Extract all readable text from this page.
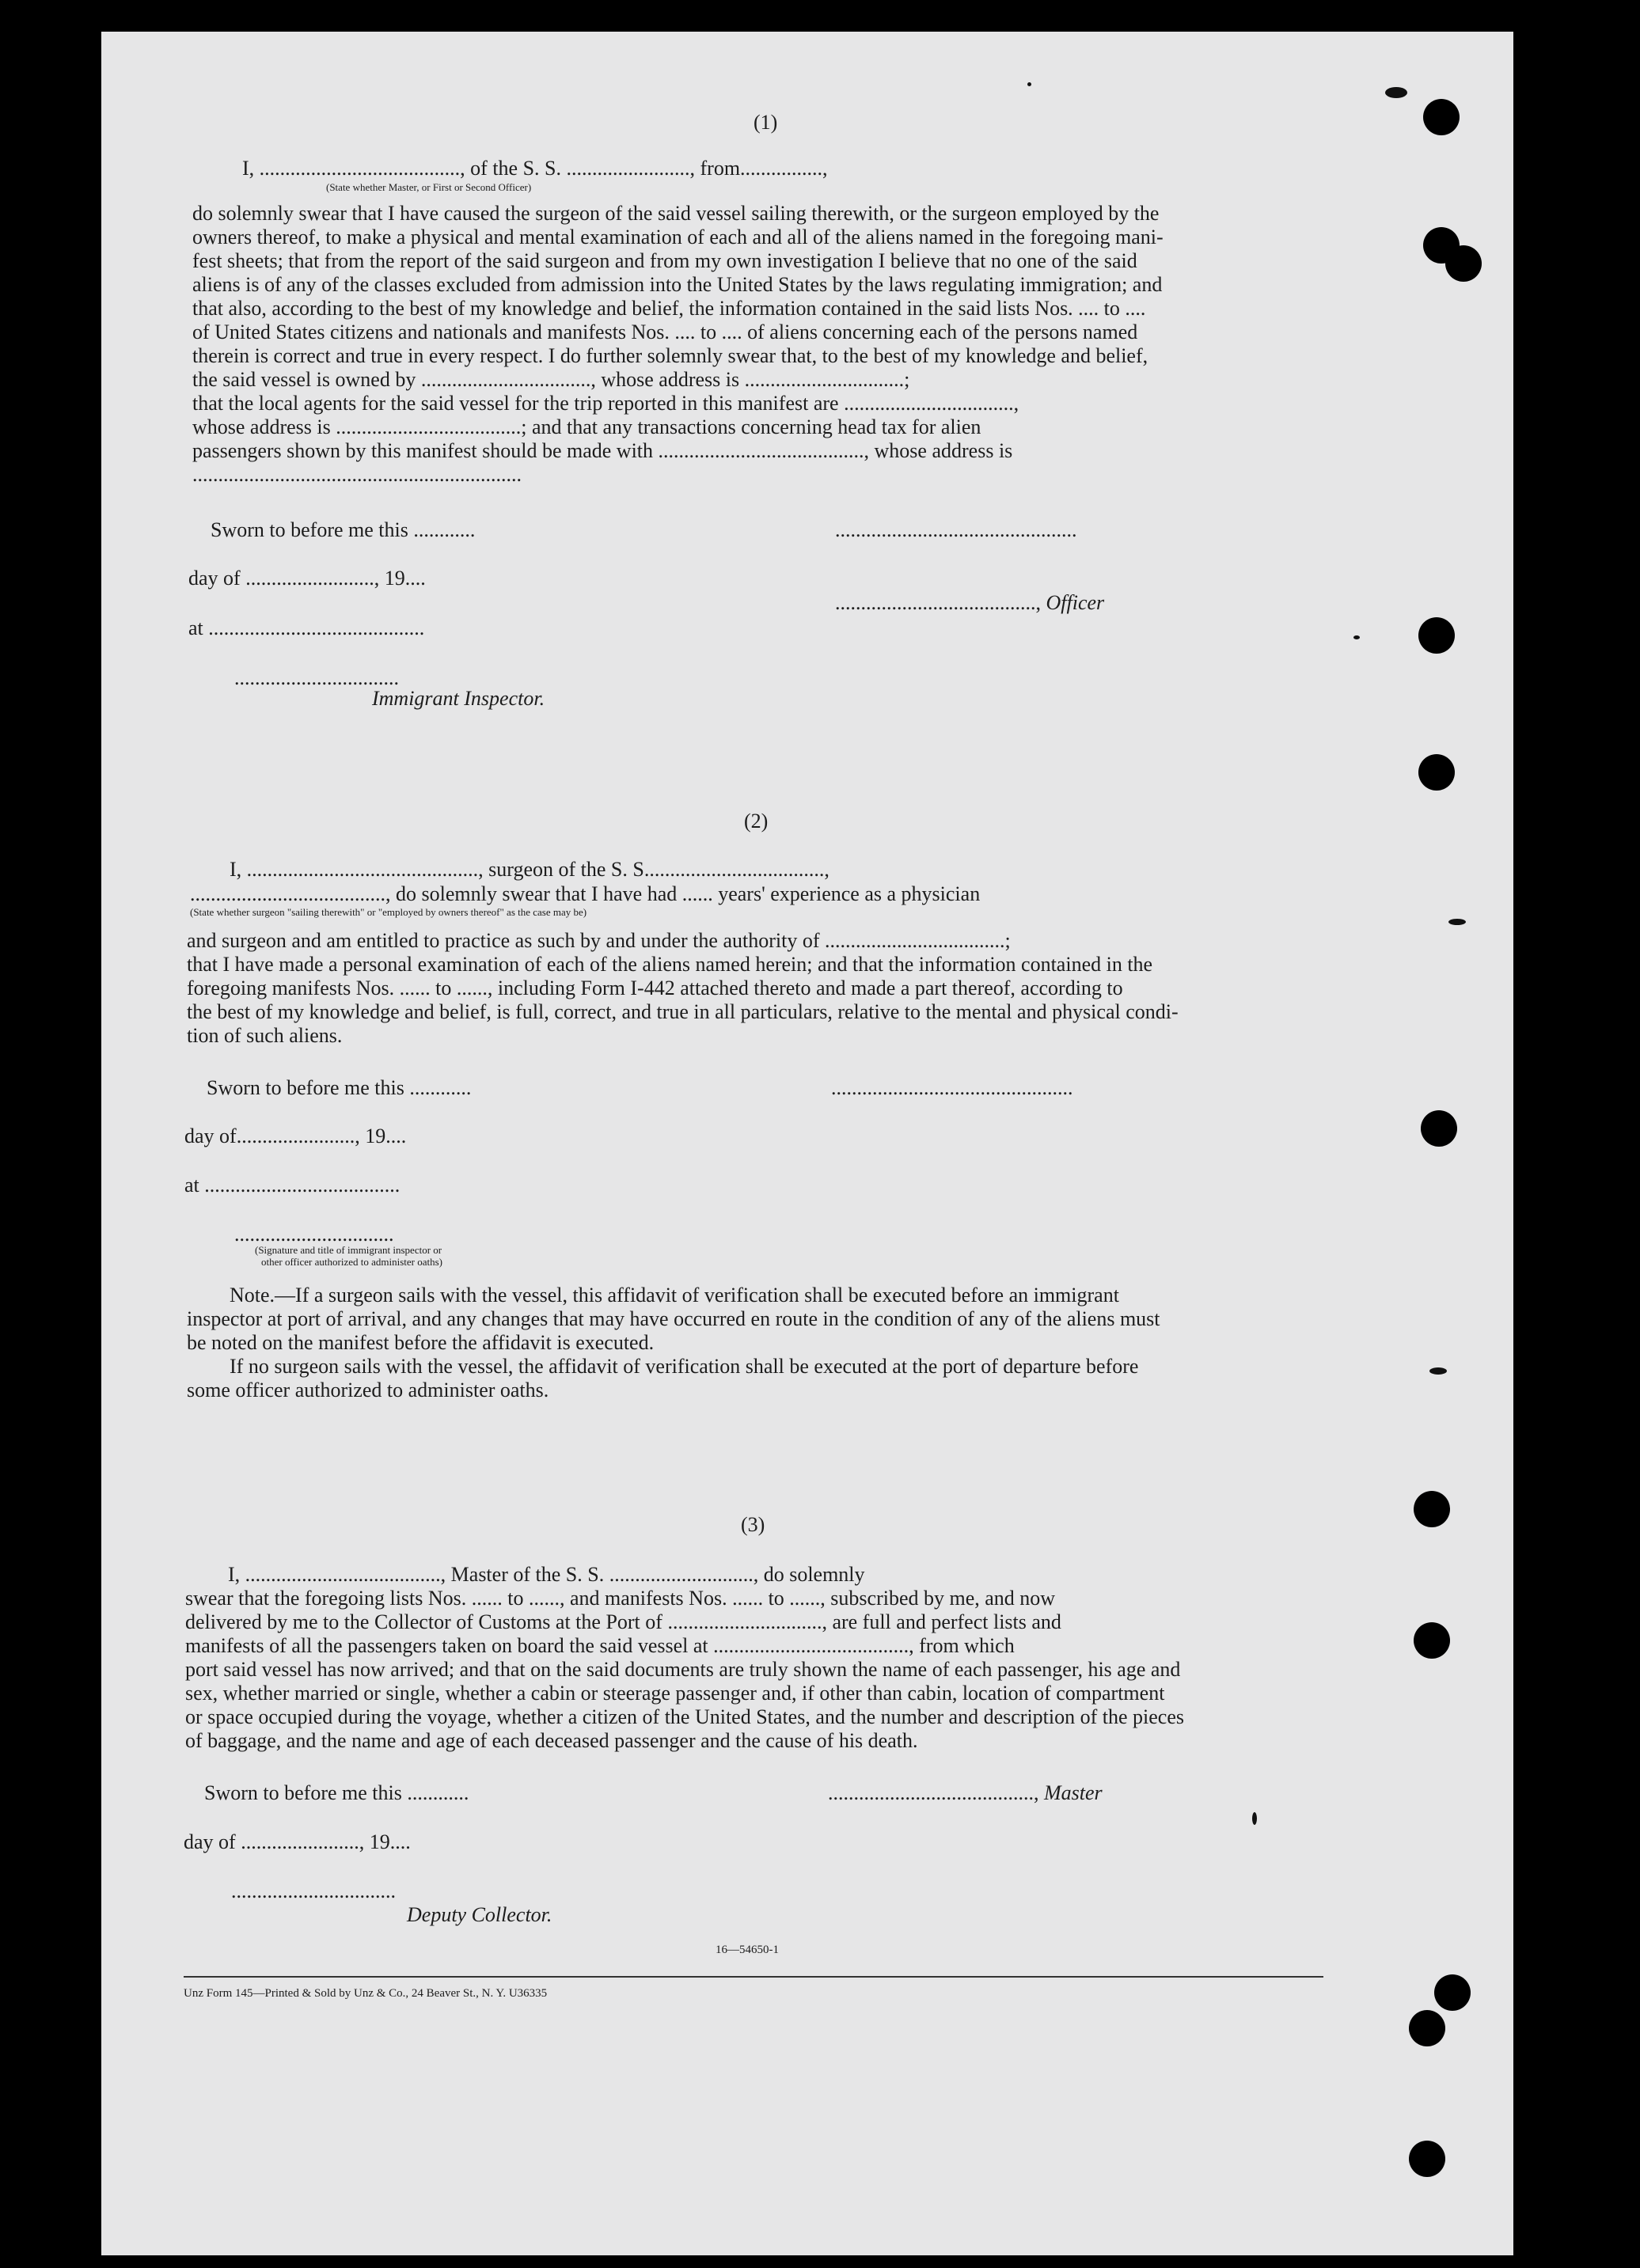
(1)
I, ......................................., of the S. S. ........................, from................,
(State whether Master, or First or Second Officer)
do solemnly swear that I have caused the surgeon of the said vessel sailing therewith, or the surgeon employed by the
owners thereof, to make a physical and mental examination of each and all of the aliens named in the foregoing mani-
fest sheets; that from the report of the said surgeon and from my own investigation I believe that no one of the said
aliens is of any of the classes excluded from admission into the United States by the laws regulating immigration; and
that also, according to the best of my knowledge and belief, the information contained in the said lists Nos. .... to ....
of United States citizens and nationals and manifests Nos. .... to .... of aliens concerning each of the persons named
therein is correct and true in every respect. I do further solemnly swear that, to the best of my knowledge and belief,
the said vessel is owned by ................................., whose address is ...............................;
that the local agents for the said vessel for the trip reported in this manifest are .................................,
whose address is ....................................; and that any transactions concerning head tax for alien
passengers shown by this manifest should be made with ........................................, whose address is
................................................................
Sworn to before me this ............	...............................................
day of ........................., 19....
......................................., Officer
at ..........................................
................................
Immigrant Inspector.
(2)
I, ............................................., surgeon of the S. S...................................,
......................................, do solemnly swear that I have had ...... years' experience as a physician
(State whether surgeon "sailing therewith" or "employed by owners thereof" as the case may be)
and surgeon and am entitled to practice as such by and under the authority of ...................................;
that I have made a personal examination of each of the aliens named herein; and that the information contained in the
foregoing manifests Nos. ...... to ......, including Form I-442 attached thereto and made a part thereof, according to
the best of my knowledge and belief, is full, correct, and true in all particulars, relative to the mental and physical condi-
tion of such aliens.
Sworn to before me this ............	...............................................
day of......................., 19....
at ......................................
...............................
(Signature and title of immigrant inspector or
other officer authorized to administer oaths)
Note.—If a surgeon sails with the vessel, this affidavit of verification shall be executed before an immigrant
inspector at port of arrival, and any changes that may have occurred en route in the condition of any of the aliens must
be noted on the manifest before the affidavit is executed.
If no surgeon sails with the vessel, the affidavit of verification shall be executed at the port of departure before
some officer authorized to administer oaths.
(3)
I, ......................................, Master of the S. S. ............................, do solemnly
swear that the foregoing lists Nos. ...... to ......, and manifests Nos. ...... to ......, subscribed by me, and now
delivered by me to the Collector of Customs at the Port of .............................., are full and perfect lists and
manifests of all the passengers taken on board the said vessel at ......................................, from which
port said vessel has now arrived; and that on the said documents are truly shown the name of each passenger, his age and
sex, whether married or single, whether a cabin or steerage passenger and, if other than cabin, location of compartment
or space occupied during the voyage, whether a citizen of the United States, and the number and description of the pieces
of baggage, and the name and age of each deceased passenger and the cause of his death.
Sworn to before me this ............	........................................, Master
day of ......................., 19....
................................
Deputy Collector.
16—54650-1
Unz Form 145—Printed & Sold by Unz & Co., 24 Beaver St., N. Y. U36335
